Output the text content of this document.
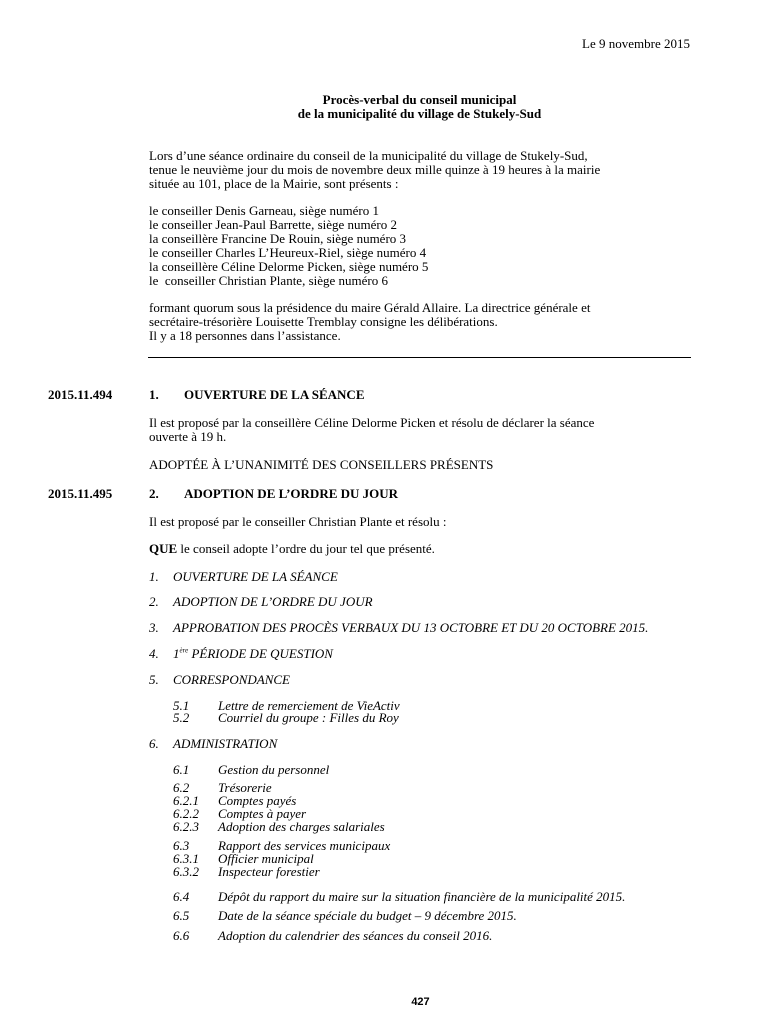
Le 9 novembre 2015
Procès-verbal du conseil municipal
de la municipalité du village de Stukely-Sud
Lors d’une séance ordinaire du conseil de la municipalité du village de Stukely-Sud,
tenue le neuvième jour du mois de novembre deux mille quinze à 19 heures à la mairie
située au 101, place de la Mairie, sont présents :
le conseiller Denis Garneau, siège numéro 1
le conseiller Jean-Paul Barrette, siège numéro 2
la conseillère Francine De Rouin, siège numéro 3
le conseiller Charles L’Heureux-Riel, siège numéro 4
la conseillère Céline Delorme Picken, siège numéro 5
le  conseiller Christian Plante, siège numéro 6
formant quorum sous la présidence du maire Gérald Allaire. La directrice générale et
secrétaire-trésorière Louisette Tremblay consigne les délibérations.
Il y a 18 personnes dans l’assistance.
2015.11.494	1. OUVERTURE DE LA SÉANCE
Il est proposé par la conseillère Céline Delorme Picken et résolu de déclarer la séance
ouverte à 19 h.
ADOPTÉE À L’UNANIMITÉ DES CONSEILLERS PRÉSENTS
2015.11.495	2. ADOPTION DE L’ORDRE DU JOUR
Il est proposé par le conseiller Christian Plante et résolu :
QUE le conseil adopte l’ordre du jour tel que présenté.
1. OUVERTURE DE LA SÉANCE
2. ADOPTION DE L’ORDRE DU JOUR
3. APPROBATION DES PROCÈS VERBAUX DU 13 OCTOBRE ET DU 20 OCTOBRE 2015.
4. 1ère PÉRIODE DE QUESTION
5. CORRESPONDANCE
5.1 Lettre de remerciement de VieActiv
5.2 Courriel du groupe : Filles du Roy
6. ADMINISTRATION
6.1 Gestion du personnel
6.2 Trésorerie
6.2.1 Comptes payés
6.2.2 Comptes à payer
6.2.3 Adoption des charges salariales
6.3 Rapport des services municipaux
6.3.1 Officier municipal
6.3.2 Inspecteur forestier
6.4 Dépôt du rapport du maire sur la situation financière de la municipalité 2015.
6.5 Date de la séance spéciale du budget – 9 décembre 2015.
6.6 Adoption du calendrier des séances du conseil 2016.
427
